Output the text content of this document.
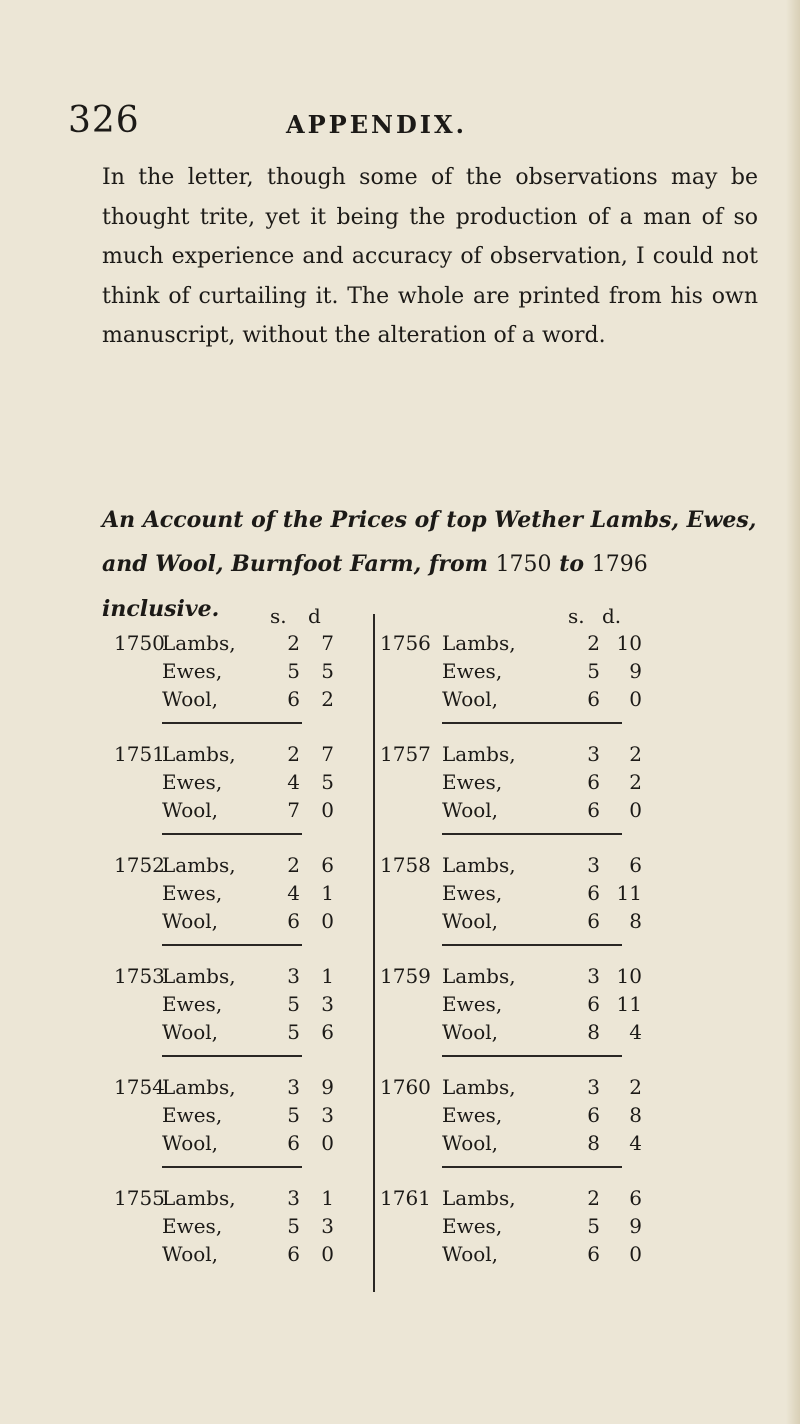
326	APPENDIX.
In the letter, though some of the observations may be thought trite, yet it being the production of a man of so much experience and accuracy of observation, I could not think of curtailing it. The whole are printed from his own manuscript, without the alteration of a word.
An Account of the Prices of top Wether Lambs, Ewes, and Wool, Burnfoot Farm, from 1750 to 1796 inclusive.	s. d
1750
Lambs,	2 7
Ewes,	5 5
Wool,	6 2
1751
Lambs,	2 7
Ewes,	4 5
Wool,	7 0
1752
Lambs,	2 6
Ewes,	4 1
Wool,	6 0
1753
Lambs,	3 1
Ewes,	5 3
Wool,	5 6
1754
Lambs,	3 9
Ewes,	5 3
Wool,	6 0
1755
Lambs,	3 1
Ewes,	5 3
Wool,	6 0
s. d.
1756 Lambs,	2 10
Ewes,	5 9
Wool,	6 0
1757 Lambs,	3 2
Ewes,	6 2
Wool,	6 0
1758 Lambs,	3 6
Ewes,	6 11
Wool,	6 8
1759 Lambs,	3 10
Ewes,	6 11
Wool,	8 4
1760 Lambs,	3 2
Ewes,	6 8
Wool,	8 4
1761 Lambs,	2 6
Ewes,	5 9
Wool,	6 0
